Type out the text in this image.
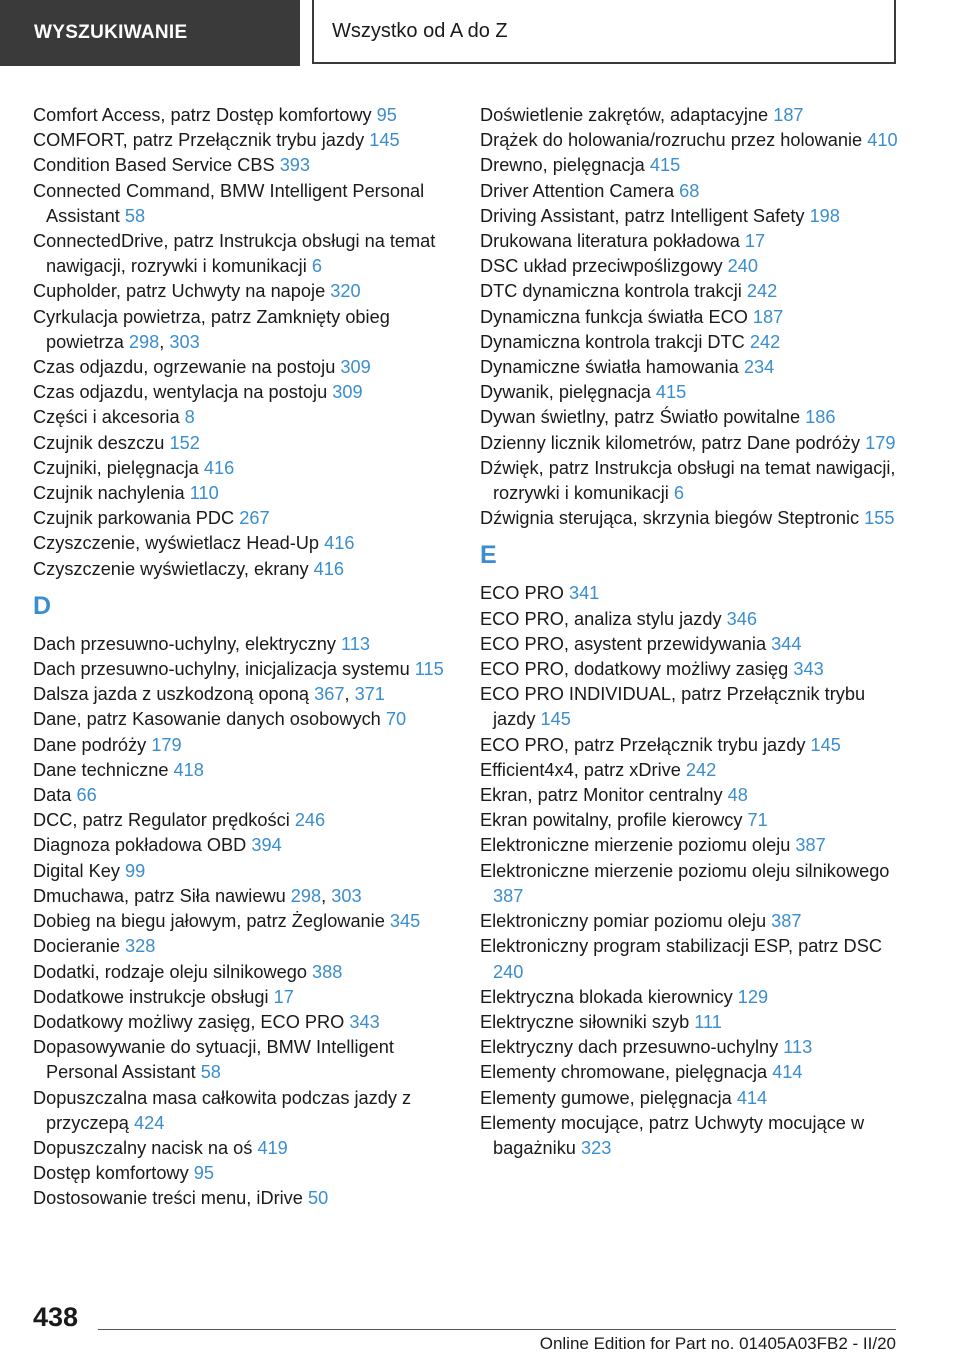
WYSZUKIWANIE	Wszystko od A do Z
Comfort Access, patrz Dostęp komfortowy 95
COMFORT, patrz Przełącznik trybu jazdy 145
Condition Based Service CBS 393
Connected Command, BMW Intelligent Personal Assistant 58
ConnectedDrive, patrz Instrukcja obsługi na temat nawigacji, rozrywki i komunikacji 6
Cupholder, patrz Uchwyty na napoje 320
Cyrkulacja powietrza, patrz Zamknięty obieg powietrza 298, 303
Czas odjazdu, ogrzewanie na postoju 309
Czas odjazdu, wentylacja na postoju 309
Części i akcesoria 8
Czujnik deszczu 152
Czujniki, pielęgnacja 416
Czujnik nachylenia 110
Czujnik parkowania PDC 267
Czyszczenie, wyświetlacz Head-Up 416
Czyszczenie wyświetlaczy, ekrany 416
D
Dach przesuwno-uchylny, elektryczny 113
Dach przesuwno-uchylny, inicjalizacja systemu 115
Dalsza jazda z uszkodzoną oponą 367, 371
Dane, patrz Kasowanie danych osobowych 70
Dane podróży 179
Dane techniczne 418
Data 66
DCC, patrz Regulator prędkości 246
Diagnoza pokładowa OBD 394
Digital Key 99
Dmuchawa, patrz Siła nawiewu 298, 303
Dobieg na biegu jałowym, patrz Żeglowanie 345
Docieranie 328
Dodatki, rodzaje oleju silnikowego 388
Dodatkowe instrukcje obsługi 17
Dodatkowy możliwy zasięg, ECO PRO 343
Dopasowywanie do sytuacji, BMW Intelligent Personal Assistant 58
Dopuszczalna masa całkowita podczas jazdy z przyczepą 424
Dopuszczalny nacisk na oś 419
Dostęp komfortowy 95
Dostosowanie treści menu, iDrive 50
Doświetlenie zakrętów, adaptacyjne 187
Drążek do holowania/rozruchu przez holowanie 410
Drewno, pielęgnacja 415
Driver Attention Camera 68
Driving Assistant, patrz Intelligent Safety 198
Drukowana literatura pokładowa 17
DSC układ przeciwpoślizgowy 240
DTC dynamiczna kontrola trakcji 242
Dynamiczna funkcja światła ECO 187
Dynamiczna kontrola trakcji DTC 242
Dynamiczne światła hamowania 234
Dywanik, pielęgnacja 415
Dywan świetlny, patrz Światło powitalne 186
Dzienny licznik kilometrów, patrz Dane podróży 179
Dźwięk, patrz Instrukcja obsługi na temat nawigacji, rozrywki i komunikacji 6
Dźwignia sterująca, skrzynia biegów Steptronic 155
E
ECO PRO 341
ECO PRO, analiza stylu jazdy 346
ECO PRO, asystent przewidywania 344
ECO PRO, dodatkowy możliwy zasięg 343
ECO PRO INDIVIDUAL, patrz Przełącznik trybu jazdy 145
ECO PRO, patrz Przełącznik trybu jazdy 145
Efficient4x4, patrz xDrive 242
Ekran, patrz Monitor centralny 48
Ekran powitalny, profile kierowcy 71
Elektroniczne mierzenie poziomu oleju 387
Elektroniczne mierzenie poziomu oleju silnikowego 387
Elektroniczny pomiar poziomu oleju 387
Elektroniczny program stabilizacji ESP, patrz DSC 240
Elektryczna blokada kierownicy 129
Elektryczne siłowniki szyb 111
Elektryczny dach przesuwno-uchylny 113
Elementy chromowane, pielęgnacja 414
Elementy gumowe, pielęgnacja 414
Elementy mocujące, patrz Uchwyty mocujące w bagażniku 323
438
Online Edition for Part no. 01405A03FB2 - II/20
